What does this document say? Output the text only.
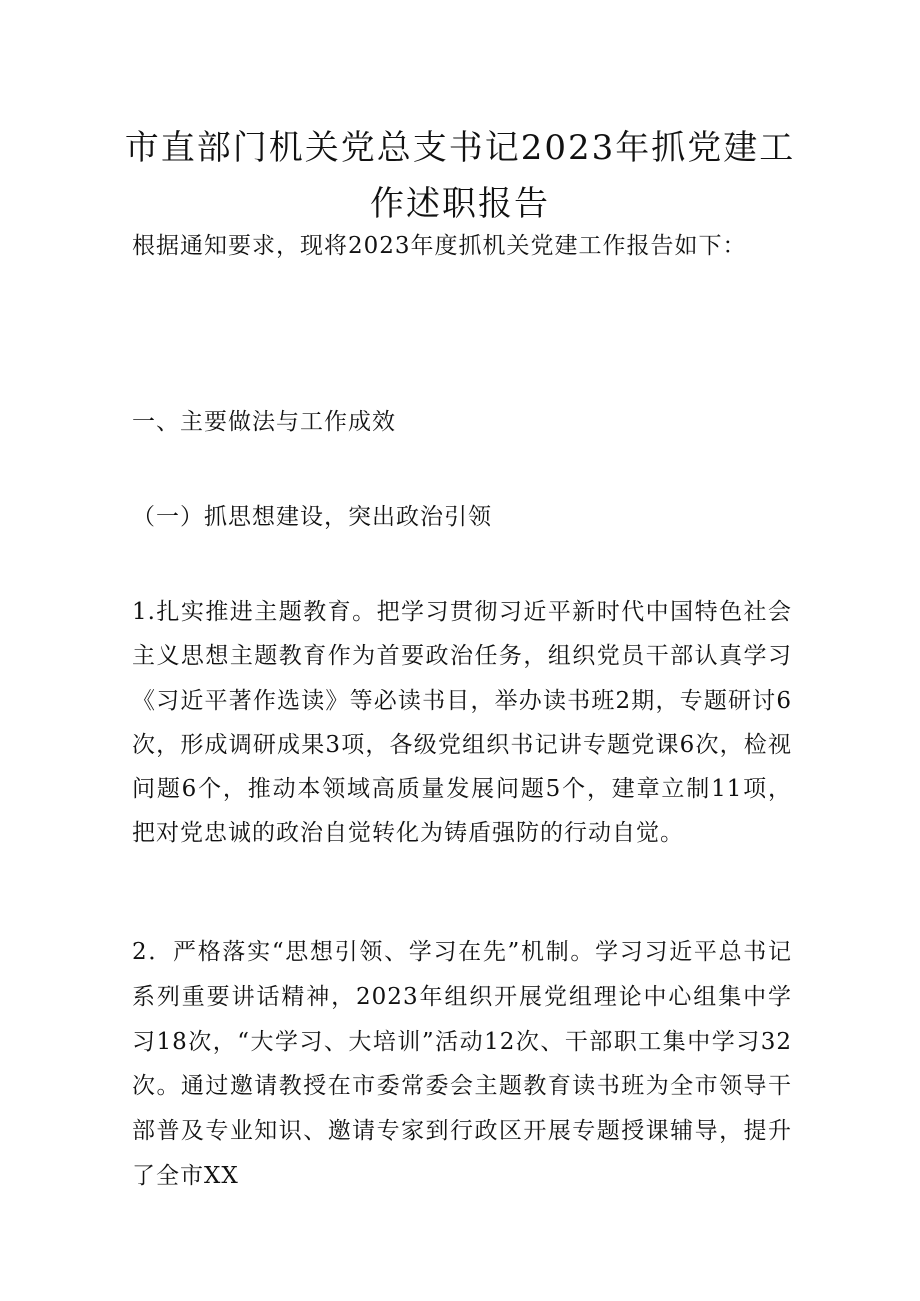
市直部门机关党总支书记2023年抓党建工
作述职报告

根据通知要求，现将2023年度抓机关党建工作报告如下：

一、主要做法与工作成效

（一）抓思想建设，突出政治引领

1.扎实推进主题教育。把学习贯彻习近平新时代中国特色社会主义思想主题教育作为首要政治任务，组织党员干部认真学习《习近平著作选读》等必读书目，举办读书班2期，专题研讨6次，形成调研成果3项，各级党组织书记讲专题党课6次，检视问题6个，推动本领域高质量发展问题5个，建章立制11项，把对党忠诚的政治自觉转化为铸盾强防的行动自觉。

2．严格落实“思想引领、学习在先”机制。学习习近平总书记系列重要讲话精神，2023年组织开展党组理论中心组集中学习18次，“大学习、大培训”活动12次、干部职工集中学习32次。通过邀请教授在市委常委会主题教育读书班为全市领导干部普及专业知识、邀请专家到行政区开展专题授课辅导，提升了全市XX
